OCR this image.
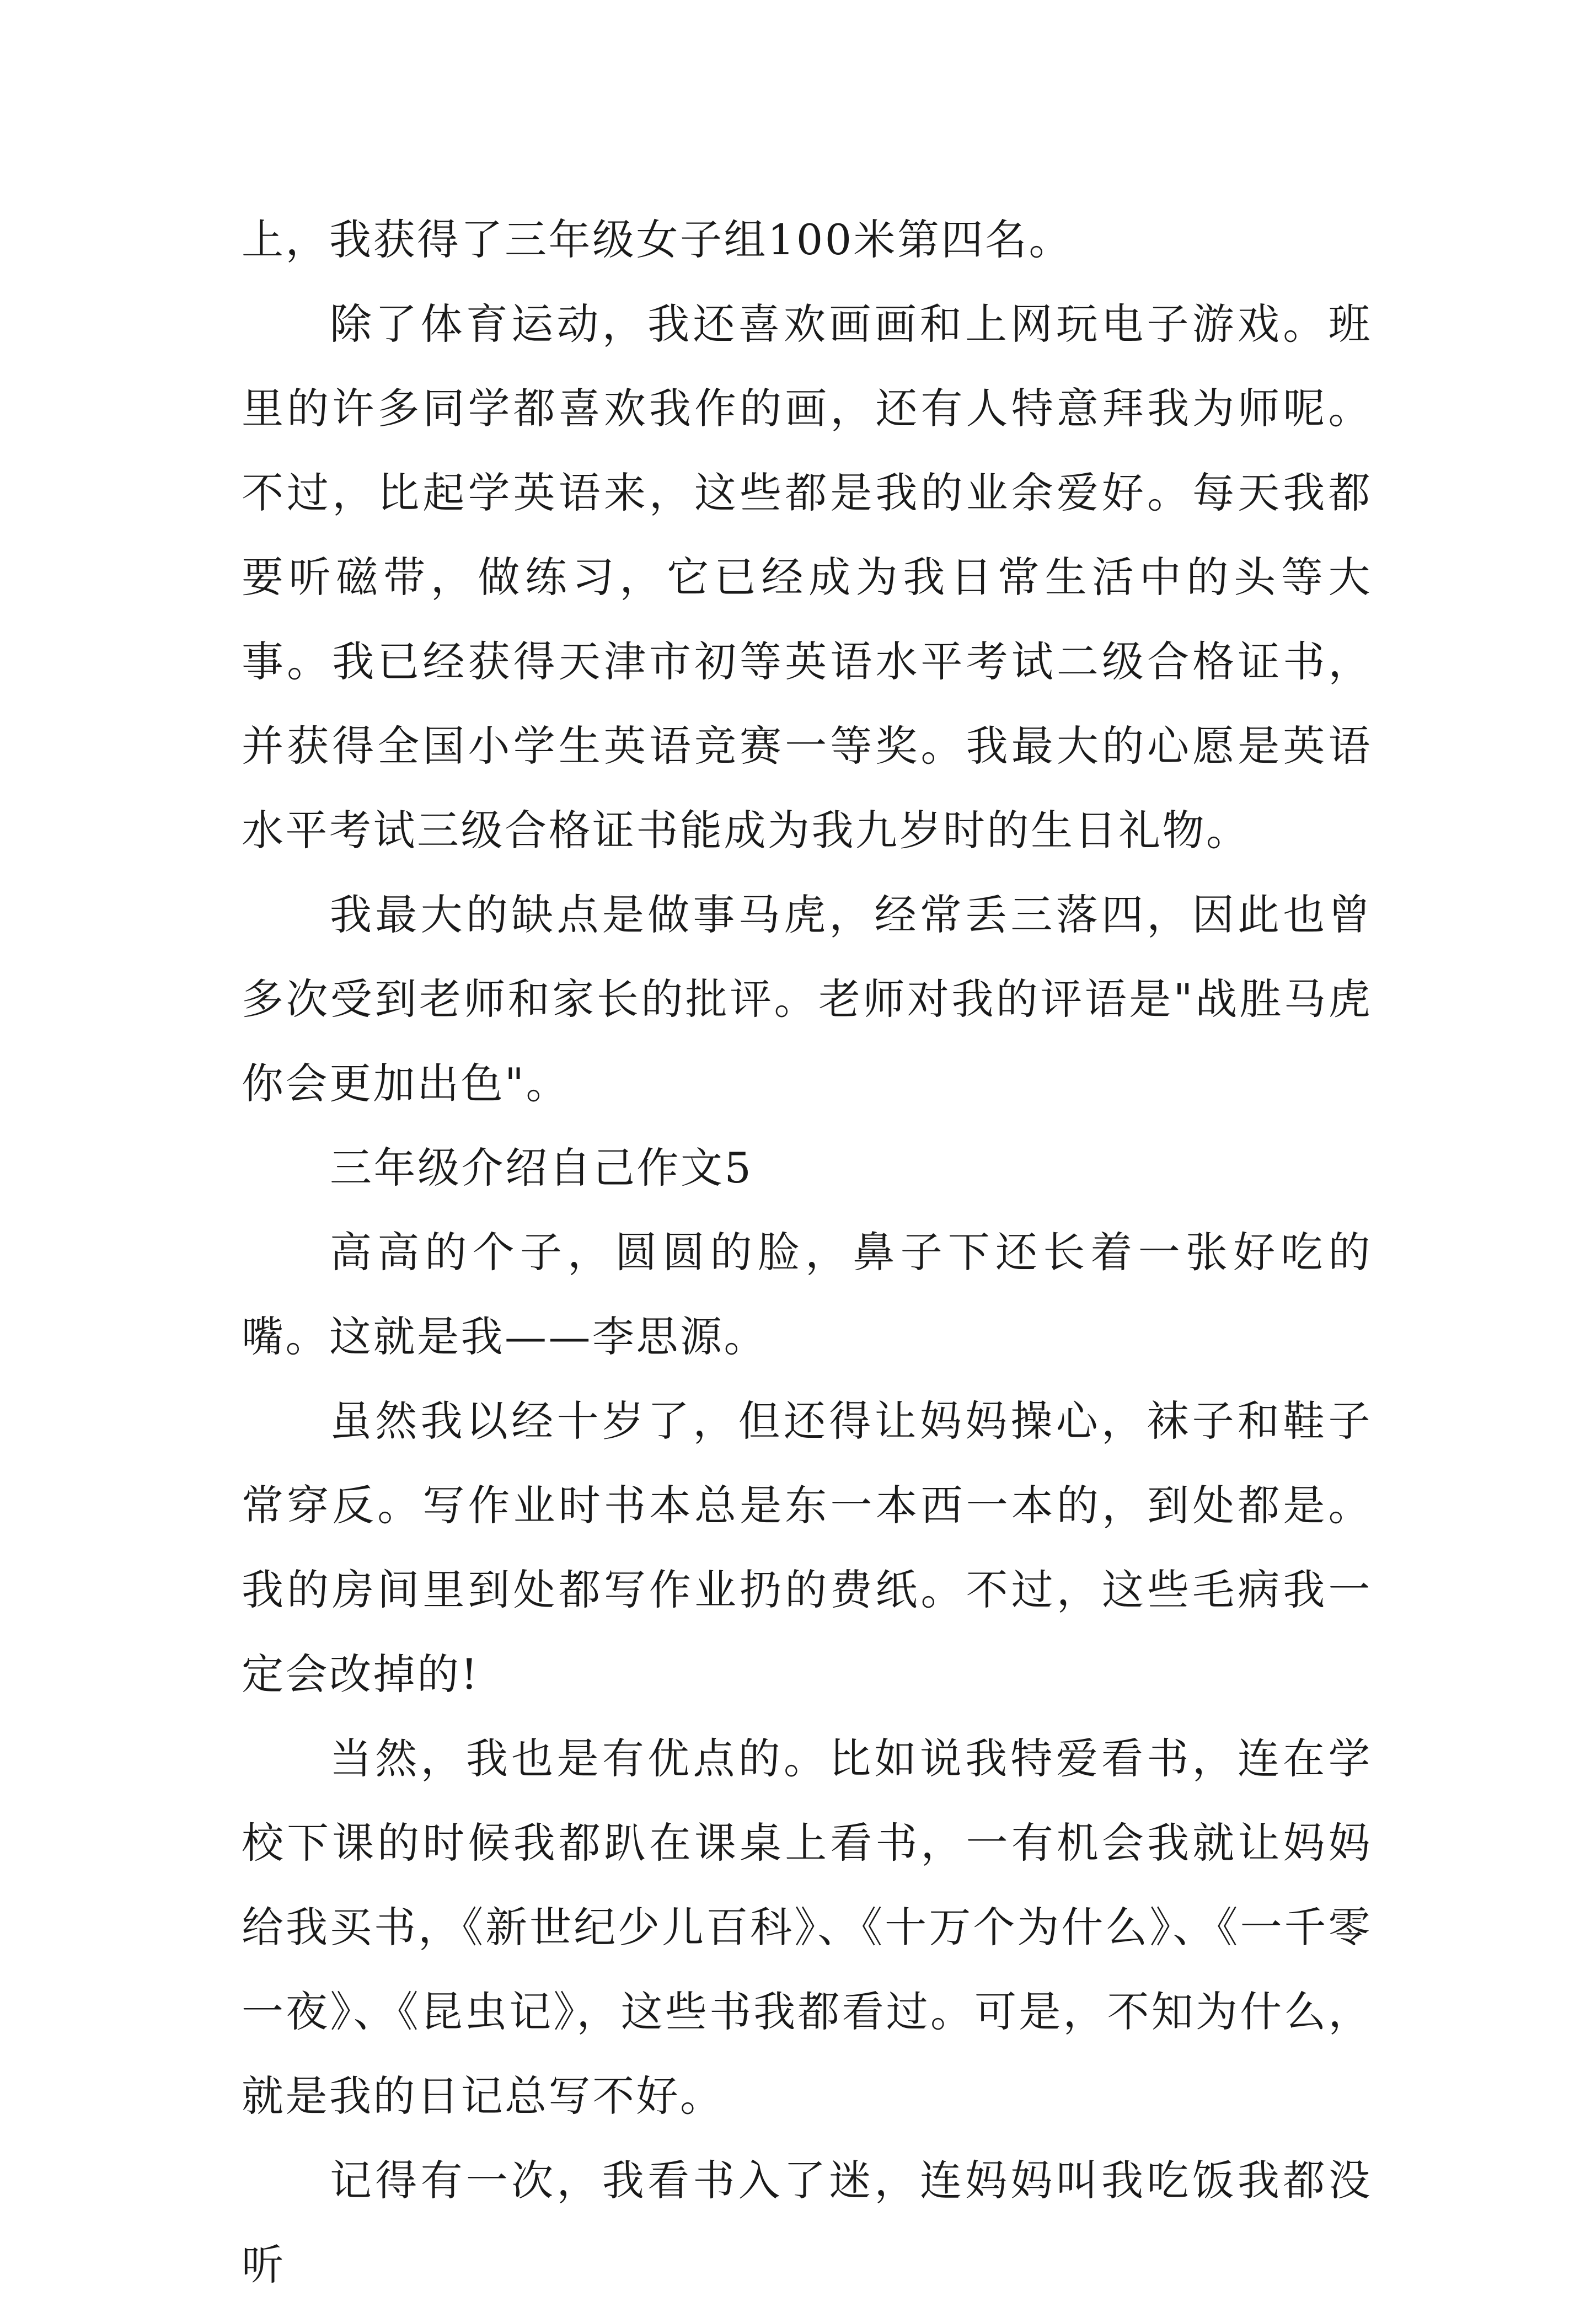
上，我获得了三年级女子组100米第四名。

除了体育运动，我还喜欢画画和上网玩电子游戏。班里的许多同学都喜欢我作的画，还有人特意拜我为师呢。不过，比起学英语来，这些都是我的业余爱好。每天我都要听磁带，做练习，它已经成为我日常生活中的头等大事。我已经获得天津市初等英语水平考试二级合格证书，并获得全国小学生英语竞赛一等奖。我最大的心愿是英语水平考试三级合格证书能成为我九岁时的生日礼物。

我最大的缺点是做事马虎，经常丢三落四，因此也曾多次受到老师和家长的批评。老师对我的评语是"战胜马虎你会更加出色"。

三年级介绍自己作文5

高高的个子，圆圆的脸，鼻子下还长着一张好吃的嘴。这就是我——李思源。

虽然我以经十岁了，但还得让妈妈操心，袜子和鞋子常穿反。写作业时书本总是东一本西一本的，到处都是。我的房间里到处都写作业扔的费纸。不过，这些毛病我一定会改掉的!

当然，我也是有优点的。比如说我特爱看书，连在学校下课的时候我都趴在课桌上看书，一有机会我就让妈妈给我买书，《新世纪少儿百科》、《十万个为什么》、《一千零一夜》、《昆虫记》，这些书我都看过。可是，不知为什么，就是我的日记总写不好。

记得有一次，我看书入了迷，连妈妈叫我吃饭我都没听
